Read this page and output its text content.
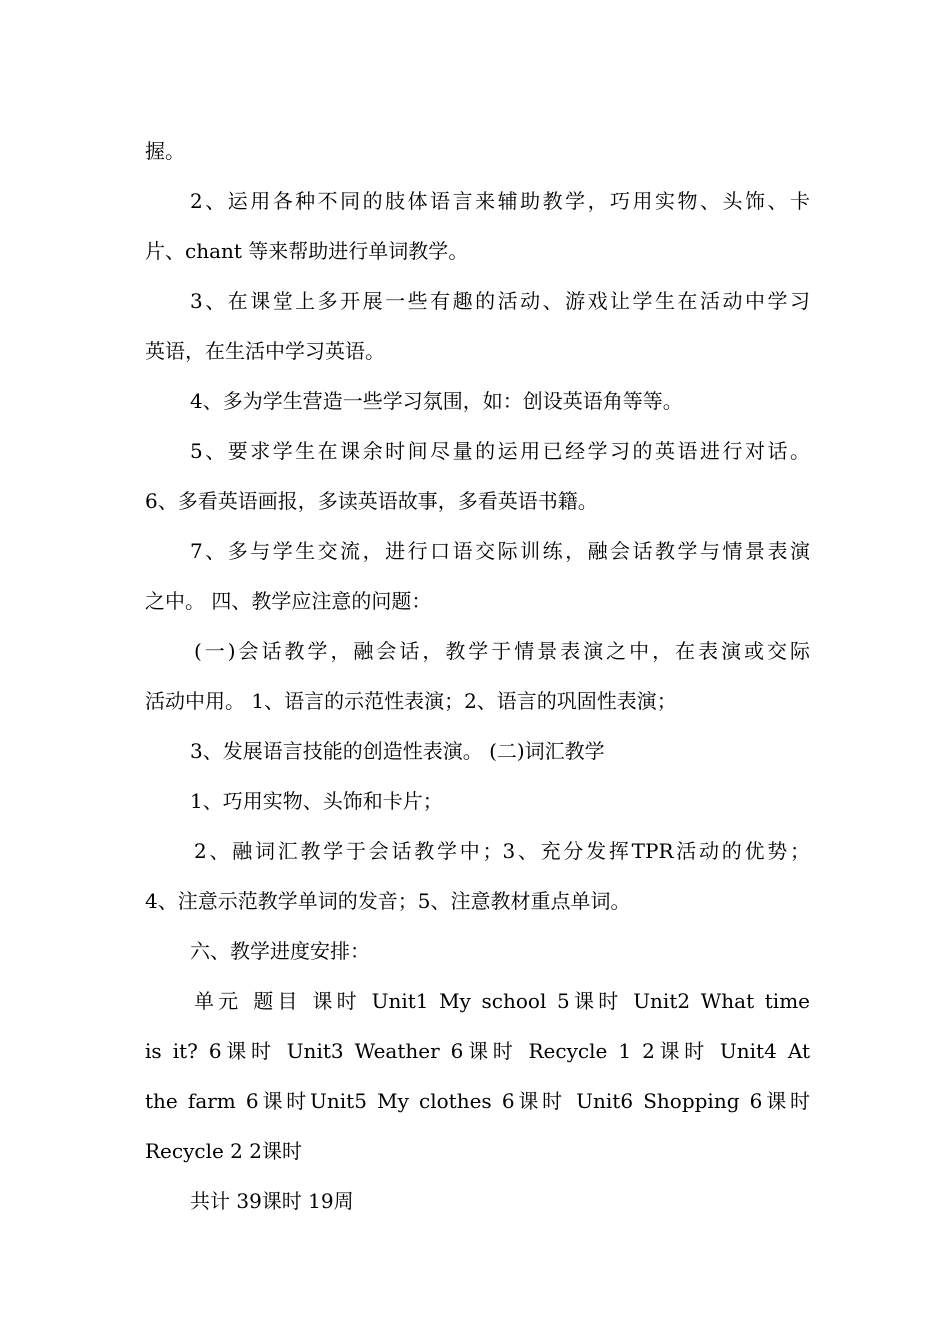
握。
2、运用各种不同的肢体语言来辅助教学，巧用实物、头饰、卡
片、chant 等来帮助进行单词教学。
3、在课堂上多开展一些有趣的活动、游戏让学生在活动中学习
英语，在生活中学习英语。
4、多为学生营造一些学习氛围，如：创设英语角等等。
5、要求学生在课余时间尽量的运用已经学习的英语进行对话。
6、多看英语画报，多读英语故事，多看英语书籍。
7、多与学生交流，进行口语交际训练，融会话教学与情景表演
之中。 四、教学应注意的问题：
(一)会话教学，融会话，教学于情景表演之中，在表演或交际
活动中用。 1、语言的示范性表演；2、语言的巩固性表演；
3、发展语言技能的创造性表演。 (二)词汇教学
1、巧用实物、头饰和卡片；
2、融词汇教学于会话教学中；3、充分发挥TPR活动的优势；
4、注意示范教学单词的发音；5、注意教材重点单词。
六、教学进度安排：
单元 题目 课时 Unit1 My school 5课时 Unit2 What time
is it? 6课时 Unit3 Weather 6课时 Recycle 1 2课时 Unit4 At
the farm 6课时Unit5 My clothes 6课时 Unit6 Shopping 6课时
Recycle 2 2课时
共计 39课时 19周
